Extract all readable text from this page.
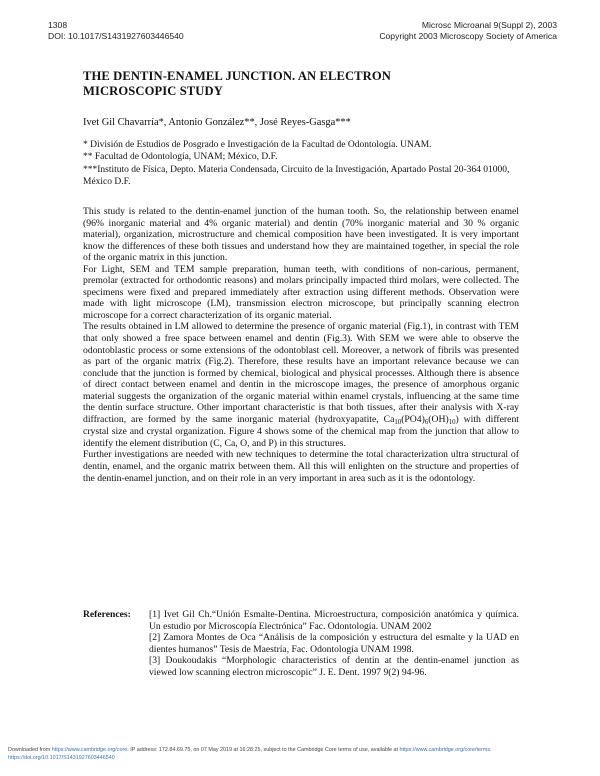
1308
DOI: 10.1017/S1431927603446540
Microsc Microanal 9(Suppl 2), 2003
Copyright 2003 Microscopy Society of America
THE DENTIN-ENAMEL JUNCTION. AN ELECTRON
MICROSCOPIC STUDY
Ivet Gil Chavarría*, Antonio González**, José Reyes-Gasga***
* División de Estudios de Posgrado e Investigación de la Facultad de Odontología. UNAM.
** Facultad de Odontología, UNAM; México, D.F.
***Instituto de Física, Depto. Materia Condensada, Circuito de la Investigación, Apartado Postal 20-364 01000, México D.F.

This study is related to the dentin-enamel junction of the human tooth. So, the relationship between enamel (96% inorganic material and 4% organic material) and dentin (70% inorganic material and 30 % organic material), organization, microstructure and chemical composition have been investigated. It is very important know the differences of these both tissues and understand how they are maintained together, in special the role of the organic matrix in this junction.

For Light, SEM and TEM sample preparation, human teeth, with conditions of non-carious, permanent, premolar (extracted for orthodontic reasons) and molars principally impacted third molars, were collected. The specimens were fixed and prepared immediately after extraction using different methods. Observation were made with light microscope (LM), transmission electron microscope, but principally scanning electron microscope for a correct characterization of its organic material.

The results obtained in LM allowed to determine the presence of organic material (Fig.1), in contrast with TEM that only showed a free space between enamel and dentin (Fig.3). With SEM we were able to observe the odontoblastic process or some extensions of the odontoblast cell. Moreover, a network of fibrils was presented as part of the organic matrix (Fig.2). Therefore, these results have an important relevance because we can conclude that the junction is formed by chemical, biological and physical processes. Although there is absence of direct contact between enamel and dentin in the microscope images, the presence of amorphous organic material suggests the organization of the organic material within enamel crystals, influencing at the same time the dentin surface structure. Other important characteristic is that both tissues, after their analysis with X-ray diffraction, are formed by the same inorganic material (hydroxyapatite, $Ca_{10}(PO4)_6(OH)_{10}$) with different crystal size and crystal organization. Figure 4 shows some of the chemical map from the junction that allow to identify the element distribution (C, Ca, O, and P) in this structures.

Further investigations are needed with new techniques to determine the total characterization ultra structural of dentin, enamel, and the organic matrix between them. All this will enlighten on the structure and properties of the dentin-enamel junction, and on their role in an very important in area such as it is the odontology.

References:	[1] Ivet Gil Ch.“Unión Esmalte-Dentina. Microestructura, composición anatómica y química. Un estudio por Microscopía Electrónica” Fac. Odontología. UNAM 2002
[2] Zamora Montes de Oca “Análisis de la composición y estructura del esmalte y la UAD en dientes humanos” Tesis de Maestría, Fac. Odontología UNAM 1998.
[3] Doukoudakis “Morphologic characteristics of dentin at the dentin-enamel junction as viewed low scanning electron microscopic” J. E. Dent. 1997 9(2) 94-96.
Downloaded from https://www.cambridge.org/core. IP address: 172.84.69.75, on 07 May 2019 at 16:28:25, subject to the Cambridge Core terms of use, available at https://www.cambridge.org/core/terms.
https://doi.org/10.1017/S1431927603446540
